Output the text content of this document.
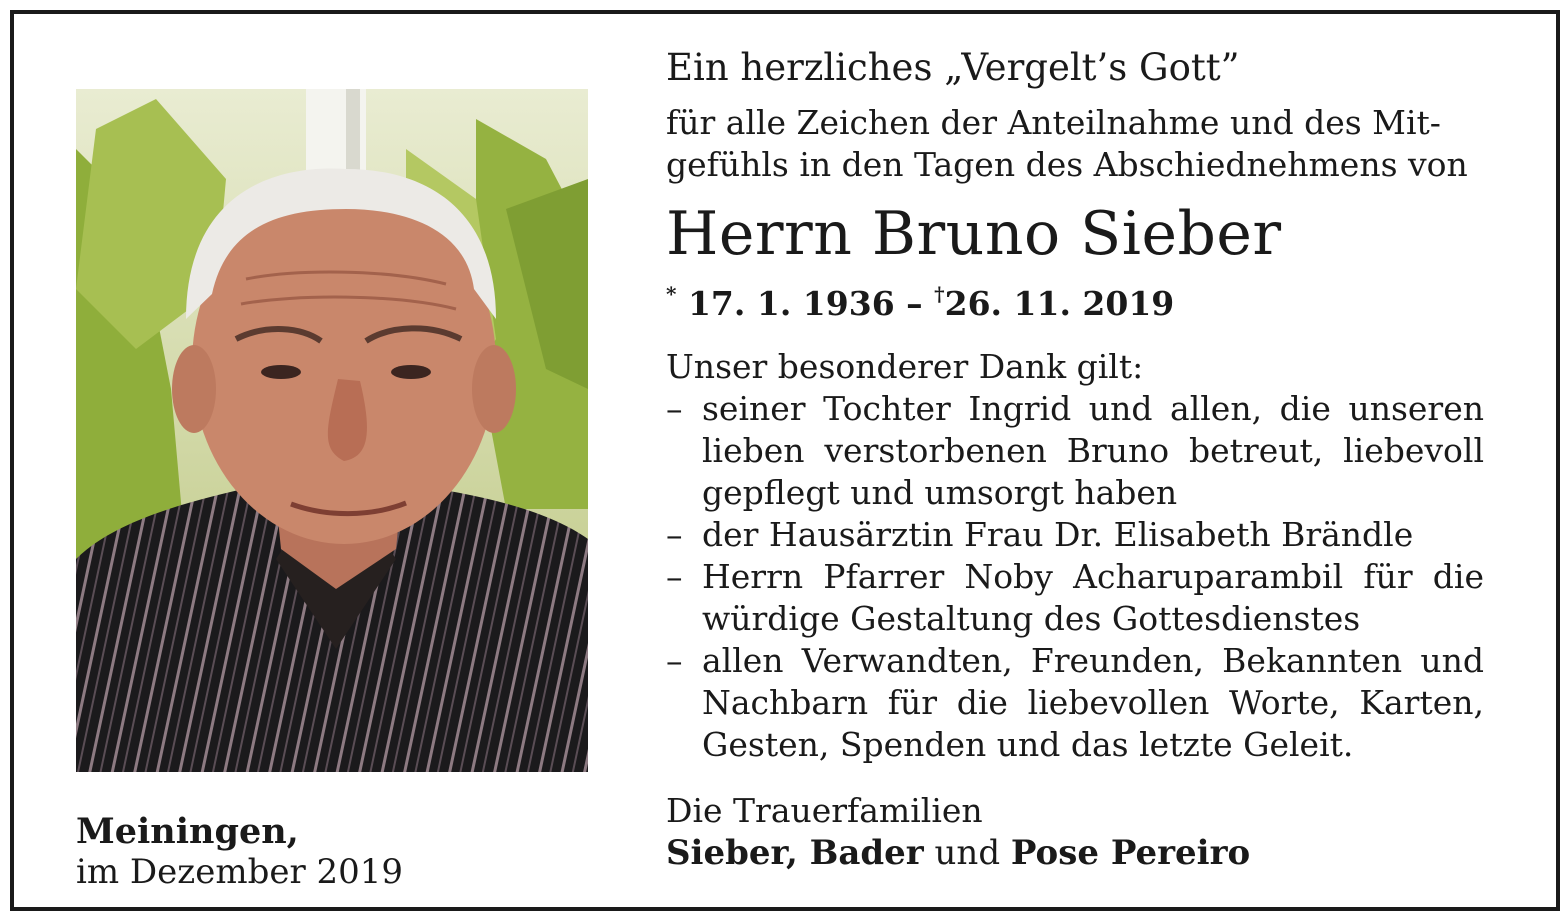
Meiningen,
im Dezember 2019
Ein herzliches „Vergelt’s Gott”

für alle Zeichen der Anteilnahme und des Mit-
gefühls in den Tagen des Abschiednehmens von

Herrn Bruno Sieber

* 17. 1. 1936 – †26. 11. 2019

Unser besonderer Dank gilt:

– seiner Tochter Ingrid und allen, die unseren lieben verstorbenen Bruno betreut, liebevoll gepflegt und umsorgt haben
– der Hausärztin Frau Dr. Elisabeth Brändle
– Herrn Pfarrer Noby Acharuparambil für die würdige Gestaltung des Gottesdienstes
– allen Verwandten, Freunden, Bekannten und Nachbarn für die liebevollen Worte, Karten, Gesten, Spenden und das letzte Geleit.

Die Trauerfamilien

Sieber, Bader und Pose Pereiro
